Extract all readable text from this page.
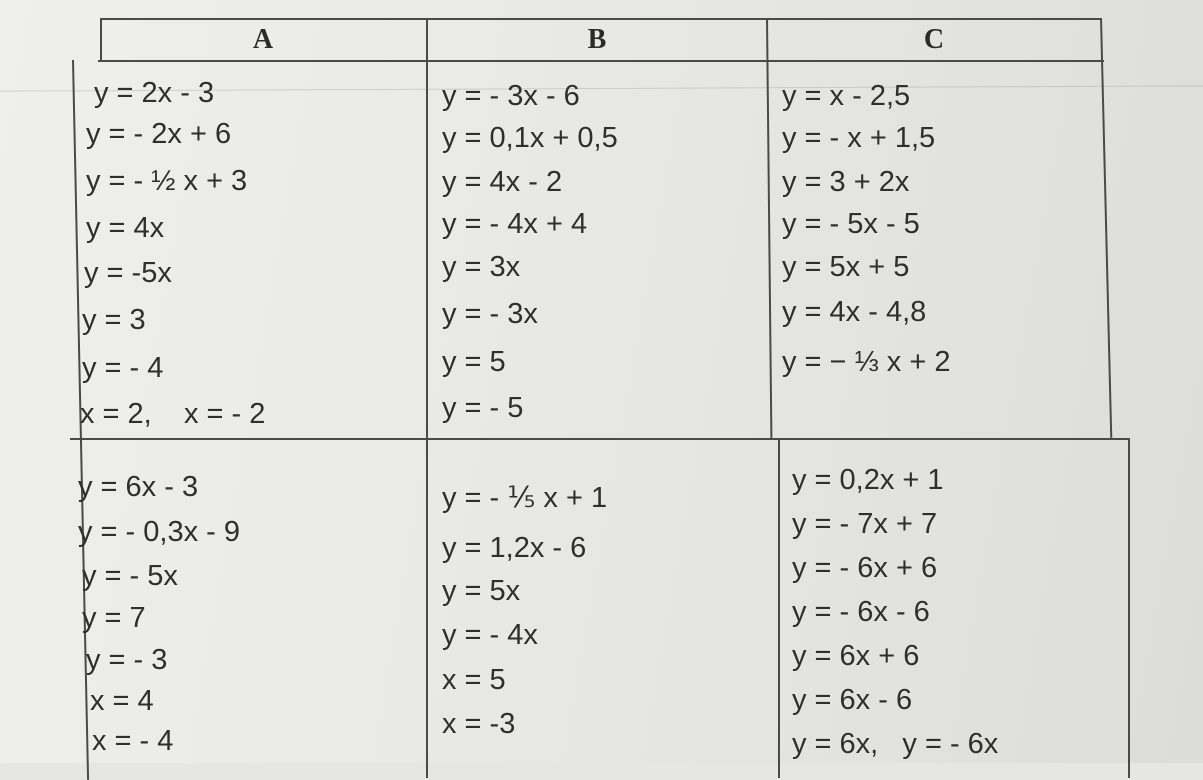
A	B	C
y = 2x - 3
y = - 2x + 6
y = - ½ x + 3
y = 4x
y = -5x
y = 3
y = - 4
x = 2,    x = - 2
y = - 3x - 6
y = 0,1x + 0,5
y = 4x - 2
y = - 4x + 4
y = 3x
y = - 3x
y = 5
y = - 5
y = x - 2,5
y = - x + 1,5
y = 3 + 2x
y = - 5x - 5
y = 5x + 5
y = 4x - 4,8
y = − ⅓ x + 2
y = 6x - 3
y = - 0,3x - 9
y = - 5x
y = 7
y = - 3
x = 4
x = - 4
y = - ⅕ x + 1
y = 1,2x - 6
y = 5x
y = - 4x
x = 5
x = -3
y = 0,2x + 1
y = - 7x + 7
y = - 6x + 6
y = - 6x - 6
y = 6x + 6
y = 6x - 6
y = 6x,   y = - 6x
